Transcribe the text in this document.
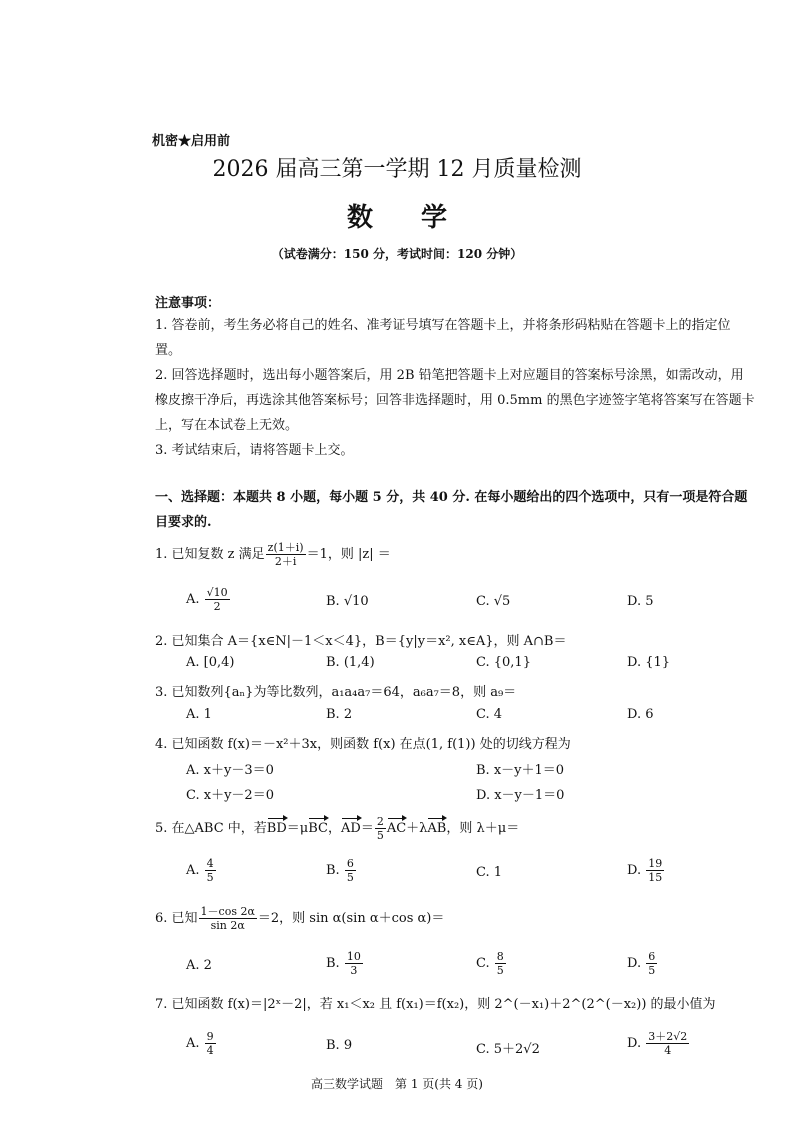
机密★启用前
2026 届高三第一学期 12 月质量检测
数 学
（试卷满分：150 分，考试时间：120 分钟）
注意事项：
1. 答卷前，考生务必将自己的姓名、准考证号填写在答题卡上，并将条形码粘贴在答题卡上的指定位置。
2. 回答选择题时，选出每小题答案后，用 2B 铅笔把答题卡上对应题目的答案标号涂黑，如需改动，用橡皮擦干净后，再选涂其他答案标号；回答非选择题时，用 0.5mm 的黑色字迹签字笔将答案写在答题卡上，写在本试卷上无效。
3. 考试结束后，请将答题卡上交。
一、选择题：本题共 8 小题，每小题 5 分，共 40 分. 在每小题给出的四个选项中，只有一项是符合题目要求的.
1. 已知复数 z 满足 $\frac{z(1+i)}{2+i} =1$，则 |z| ＝
A. $\frac{√10}{2}$	B. √10	C. √5	D. 5
2. 已知集合 A＝{x∈N|－1＜x＜4}，B＝{y|y＝x², x∈A}，则 A∩B＝
A. [0,4)	B. (1,4)	C. {0,1}	D. {1}
3. 已知数列{aₙ}为等比数列，a₁a₄a₇＝64，a₆a₇＝8，则 a₉＝
A. 1	B. 2	C. 4	D. 6
4. 已知函数 f(x)＝－x²＋3x，则函数 f(x) 在点(1, f(1)) 处的切线方程为
A. x＋y－3＝0	B. x－y＋1＝0
C. x＋y－2＝0	D. x－y－1＝0
5. 在△ABC 中，若BD＝μBC，$AD= \frac{2}{5} AC+\lambda AB$，则 λ＋μ＝
A. $\frac{4}{5}$	B. $\frac{6}{5}$	C. 1	D. $\frac{19}{15}$
6. 已知 $\frac{1-\cos 2\alpha}{\sin 2\alpha} =2$，则 sin α(sin α＋cos α)＝
A. 2	B. $\frac{10}{3}$	C. $\frac{8}{5}$	D. $\frac{6}{5}$
7. 已知函数 f(x)＝|2ˣ－2|，若 x₁＜x₂ 且 f(x₁)＝f(x₂)，则 2^(－x₁)＋2^(2^(－x₂)) 的最小值为
A. $\frac{9}{4}$	B. 9	C. 5＋2√2	D. $\frac{3+2√2}{4}$
高三数学试题　第 1 页(共 4 页)
